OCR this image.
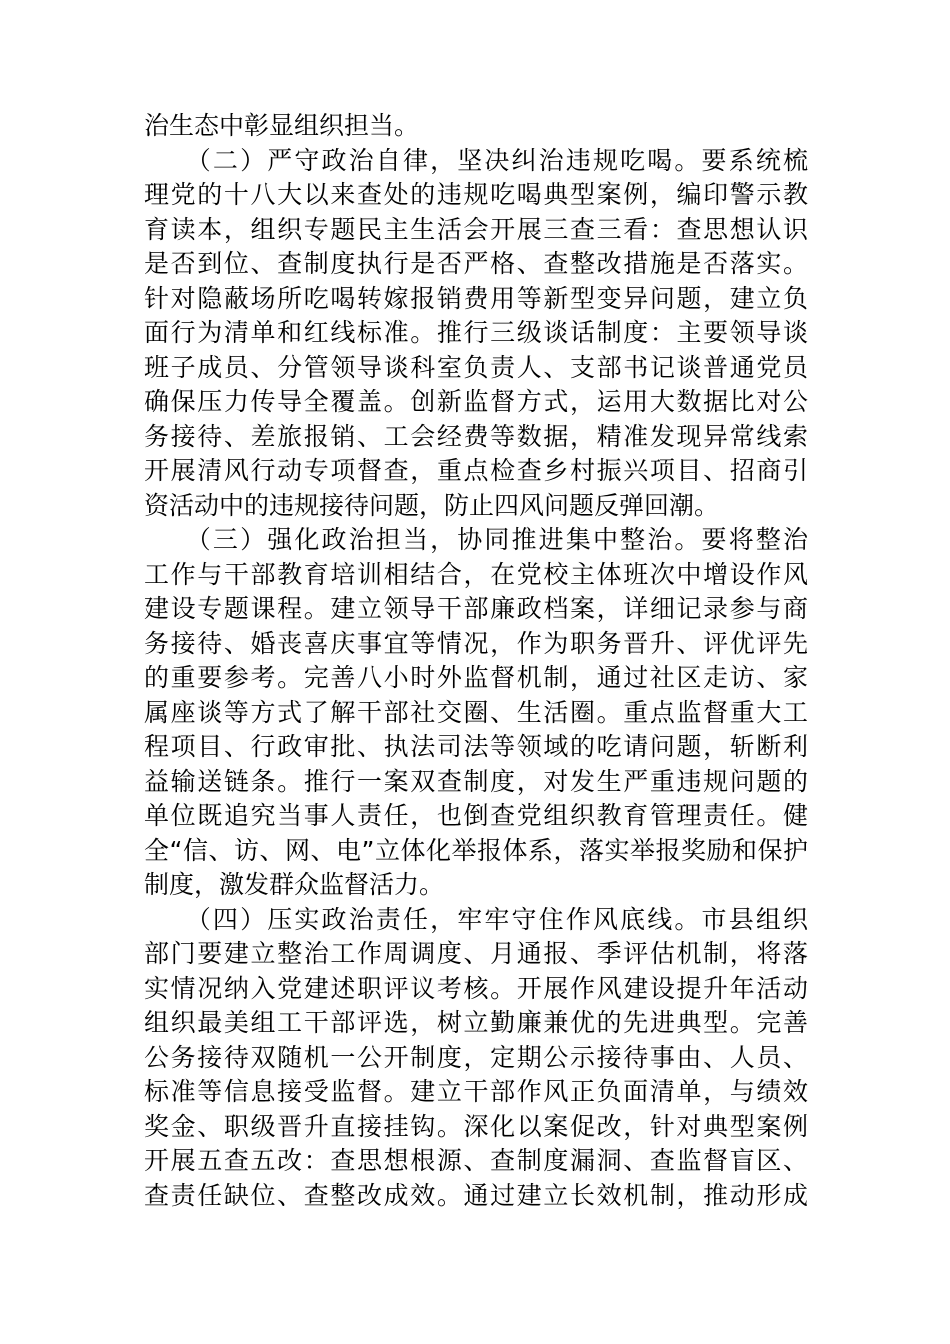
治生态中彰显组织担当。
　　（二）严守政治自律，坚决纠治违规吃喝。要系统梳
理党的十八大以来查处的违规吃喝典型案例，编印警示教
育读本，组织专题民主生活会开展三查三看：查思想认识
是否到位、查制度执行是否严格、查整改措施是否落实。
针对隐蔽场所吃喝转嫁报销费用等新型变异问题，建立负
面行为清单和红线标准。推行三级谈话制度：主要领导谈
班子成员、分管领导谈科室负责人、支部书记谈普通党员
确保压力传导全覆盖。创新监督方式，运用大数据比对公
务接待、差旅报销、工会经费等数据，精准发现异常线索
开展清风行动专项督查，重点检查乡村振兴项目、招商引
资活动中的违规接待问题，防止四风问题反弹回潮。
　　（三）强化政治担当，协同推进集中整治。要将整治
工作与干部教育培训相结合，在党校主体班次中增设作风
建设专题课程。建立领导干部廉政档案，详细记录参与商
务接待、婚丧喜庆事宜等情况，作为职务晋升、评优评先
的重要参考。完善八小时外监督机制，通过社区走访、家
属座谈等方式了解干部社交圈、生活圈。重点监督重大工
程项目、行政审批、执法司法等领域的吃请问题，斩断利
益输送链条。推行一案双查制度，对发生严重违规问题的
单位既追究当事人责任，也倒查党组织教育管理责任。健
全“信、访、网、电”立体化举报体系，落实举报奖励和保护
制度，激发群众监督活力。
　　（四）压实政治责任，牢牢守住作风底线。市县组织
部门要建立整治工作周调度、月通报、季评估机制，将落
实情况纳入党建述职评议考核。开展作风建设提升年活动
组织最美组工干部评选，树立勤廉兼优的先进典型。完善
公务接待双随机一公开制度，定期公示接待事由、人员、
标准等信息接受监督。建立干部作风正负面清单，与绩效
奖金、职级晋升直接挂钩。深化以案促改，针对典型案例
开展五查五改：查思想根源、查制度漏洞、查监督盲区、
查责任缺位、查整改成效。通过建立长效机制，推动形成
